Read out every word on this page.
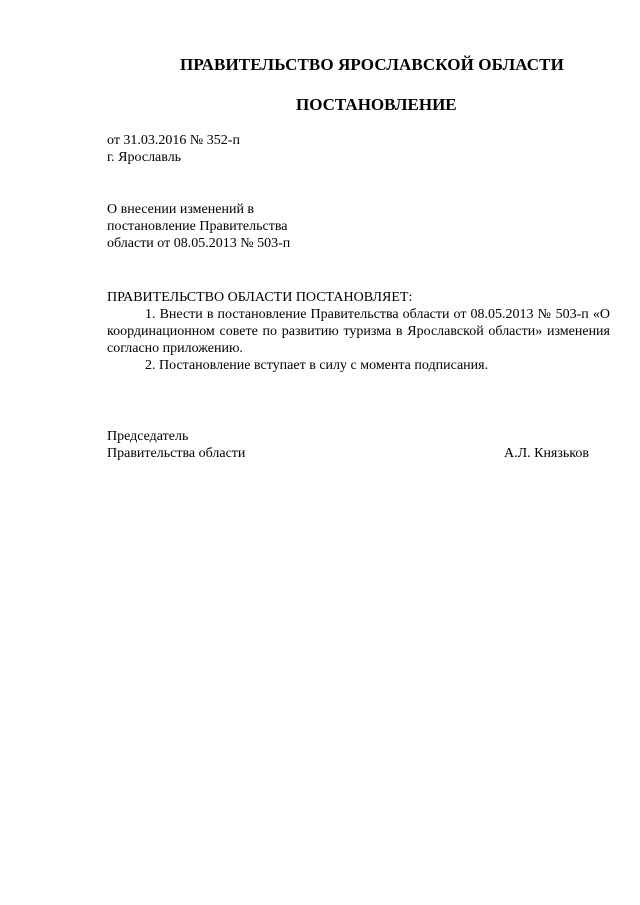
ПРАВИТЕЛЬСТВО ЯРОСЛАВСКОЙ ОБЛАСТИ
ПОСТАНОВЛЕНИЕ
от 31.03.2016 № 352-п
г. Ярославль
О внесении изменений в
постановление Правительства
области от 08.05.2013 № 503-п

ПРАВИТЕЛЬСТВО ОБЛАСТИ ПОСТАНОВЛЯЕТ:

1. Внести в постановление Правительства области от 08.05.2013 № 503-п «О координационном совете по развитию туризма в Ярославской области» изменения согласно приложению.

2. Постановление вступает в силу с момента подписания.

Председатель
Правительства области	А.Л. Князьков
